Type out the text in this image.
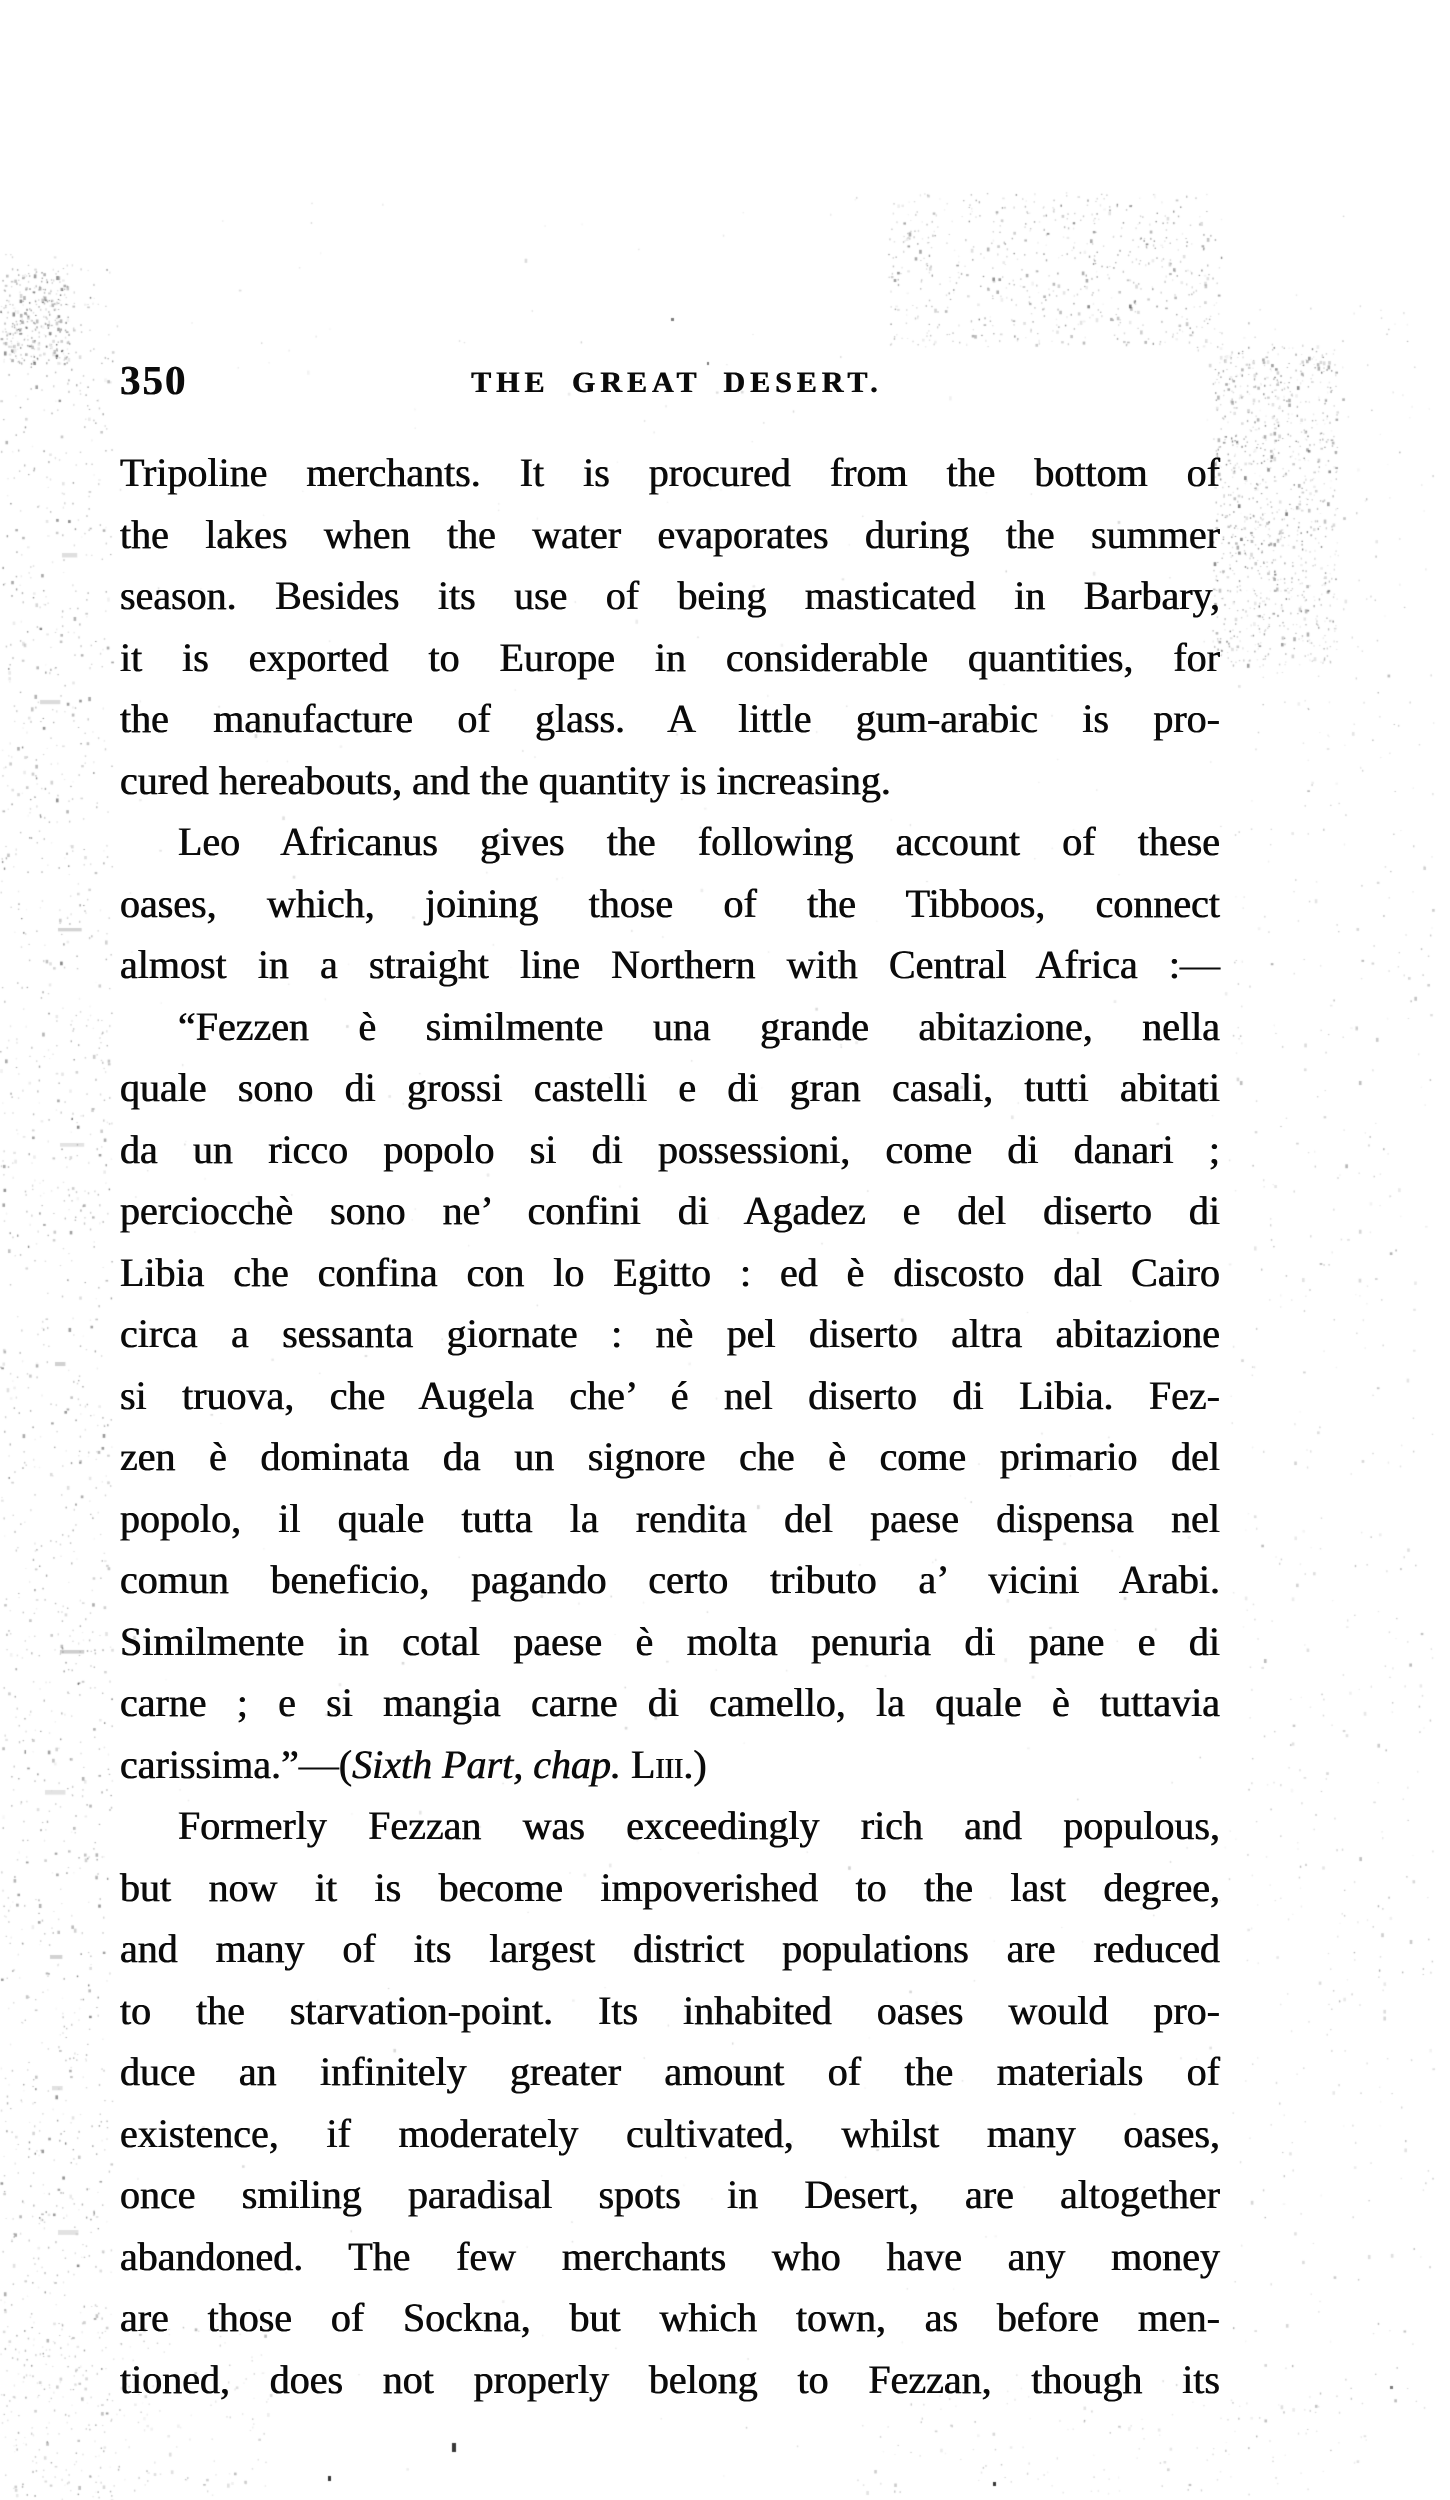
350	THE GREAT DESERT.
Tripoline merchants. It is procured from the bottom of
the lakes when the water evaporates during the summer
season. Besides its use of being masticated in Barbary,
it is exported to Europe in considerable quantities, for
the manufacture of glass. A little gum-arabic is pro-
cured hereabouts, and the quantity is increasing.
Leo Africanus gives the following account of these
oases, which, joining those of the Tibboos, connect
almost in a straight line Northern with Central Africa :—
“Fezzen è similmente una grande abitazione, nella
quale sono di grossi castelli e di gran casali, tutti abitati
da un ricco popolo si di possessioni, come di danari ;
perciocchè sono ne’ confini di Agadez e del diserto di
Libia che confina con lo Egitto : ed è discosto dal Cairo
circa a sessanta giornate : nè pel diserto altra abitazione
si truova, che Augela che’ é nel diserto di Libia. Fez-
zen è dominata da un signore che è come primario del
popolo, il quale tutta la rendita del paese dispensa nel
comun beneficio, pagando certo tributo a’ vicini Arabi.
Similmente in cotal paese è molta penuria di pane e di
carne ; e si mangia carne di camello, la quale è tuttavia
carissima.”—(Sixth Part, chap. Liii.)
Formerly Fezzan was exceedingly rich and populous,
but now it is become impoverished to the last degree,
and many of its largest district populations are reduced
to the starvation-point. Its inhabited oases would pro-
duce an infinitely greater amount of the materials of
existence, if moderately cultivated, whilst many oases,
once smiling paradisal spots in Desert, are altogether
abandoned. The few merchants who have any money
are those of Sockna, but which town, as before men-
tioned, does not properly belong to Fezzan, though its
